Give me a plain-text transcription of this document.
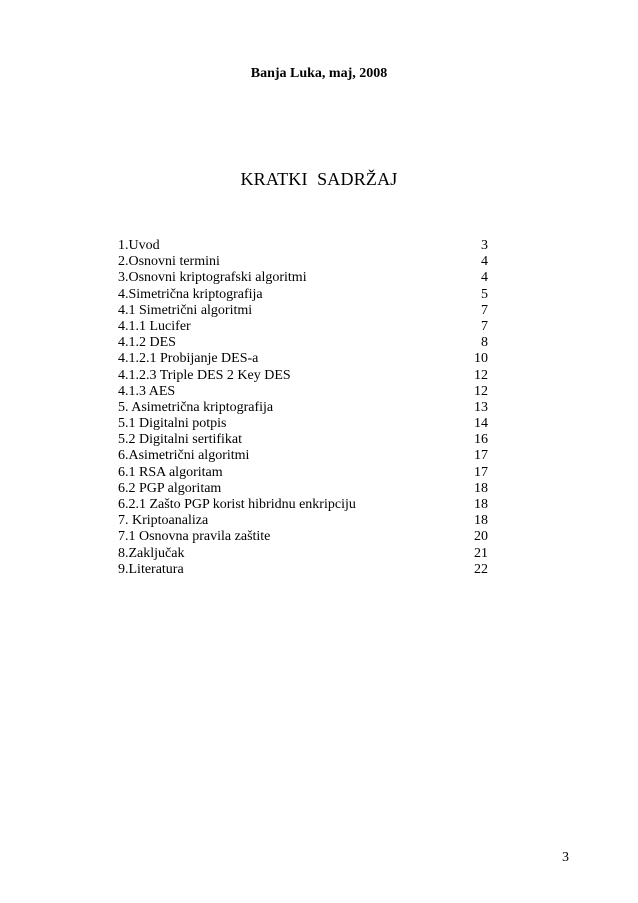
Banja Luka, maj, 2008
KRATKI  SADRŽAJ
1.Uvod	3
2.Osnovni termini	4
3.Osnovni kriptografski algoritmi	4
4.Simetrična kriptografija	5
4.1 Simetrični algoritmi	7
4.1.1 Lucifer	7
4.1.2 DES	8
4.1.2.1 Probijanje DES-a	10
4.1.2.3 Triple DES 2 Key DES	12
4.1.3 AES	12
5. Asimetrična kriptografija	13
5.1 Digitalni potpis	14
5.2 Digitalni sertifikat	16
6.Asimetrični algoritmi	17
6.1 RSA algoritam	17
6.2 PGP algoritam	18
6.2.1 Zašto PGP korist hibridnu enkripciju	18
7. Kriptoanaliza	18
7.1 Osnovna pravila zaštite	20
8.Zaključak	21
9.Literatura	22
3
